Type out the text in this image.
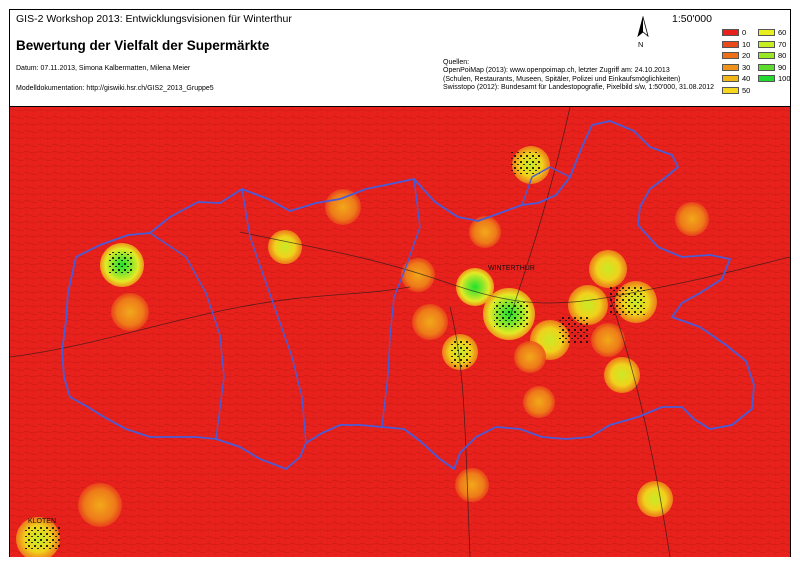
GIS-2 Workshop 2013: Entwicklungsvisionen für Winterthur
Bewertung der Vielfalt der Supermärkte
Datum: 07.11.2013, Simona Kalbermatten, Milena Meier
Modelldokumentation: http://giswiki.hsr.ch/GIS2_2013_Gruppe5
Quellen:
OpenPoiMap (2013): www.openpoimap.ch, letzter Zugriff am: 24.10.2013
(Schulen, Restaurants, Museen, Spitäler, Polizei und Einkaufsmöglichkeiten)
Swisstopo (2012): Bundesamt für Landestopografie, Pixelbild s/w, 1:50'000, 31.08.2012
N
1:50'000
0
10
20
30
40
50
60
70
80
90
100
WINTERTHUR
KLOTEN
